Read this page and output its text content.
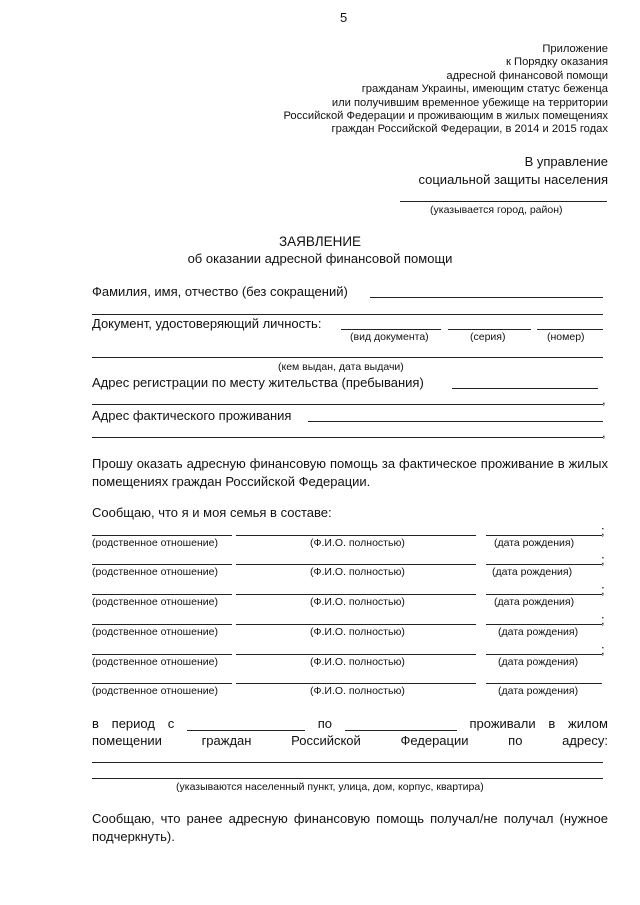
5
Приложение
к Порядку оказания
адресной финансовой помощи
гражданам Украины, имеющим статус беженца
или получившим временное убежище на территории
Российской Федерации и проживающим в жилых помещениях
граждан Российской Федерации, в 2014 и 2015 годах
В управление
социальной защиты населения
(указывается город, район)
ЗАЯВЛЕНИЕ
об оказании адресной финансовой помощи
Фамилия, имя, отчество (без сокращений)
Документ, удостоверяющий личность:
(вид документа)	(серия)	(номер)
(кем выдан, дата выдачи)
Адрес регистрации по месту жительства (пребывания)
,
Адрес фактического проживания
,
Прошу оказать адресную финансовую помощь за фактическое проживание в жилых помещениях граждан Российской Федерации.
Сообщаю, что я и моя семья в составе:
;
(родственное отношение)	(Ф.И.О. полностью)	(дата рождения)
;
(родственное отношение)	(Ф.И.О. полностью)	(дата рождения)
;
(родственное отношение)	(Ф.И.О. полностью)	(дата рождения)
;
(родственное отношение)	(Ф.И.О. полностью)	(дата рождения)
;
(родственное отношение)	(Ф.И.О. полностью)	(дата рождения)
(родственное отношение)	(Ф.И.О. полностью)	(дата рождения)
в период с	по	проживали в жилом
помещении	граждан	Российской	Федерации	по	адресу:
(указываются населенный пункт, улица, дом, корпус, квартира)
Сообщаю, что ранее адресную финансовую помощь получал/не получал (нужное подчеркнуть).
